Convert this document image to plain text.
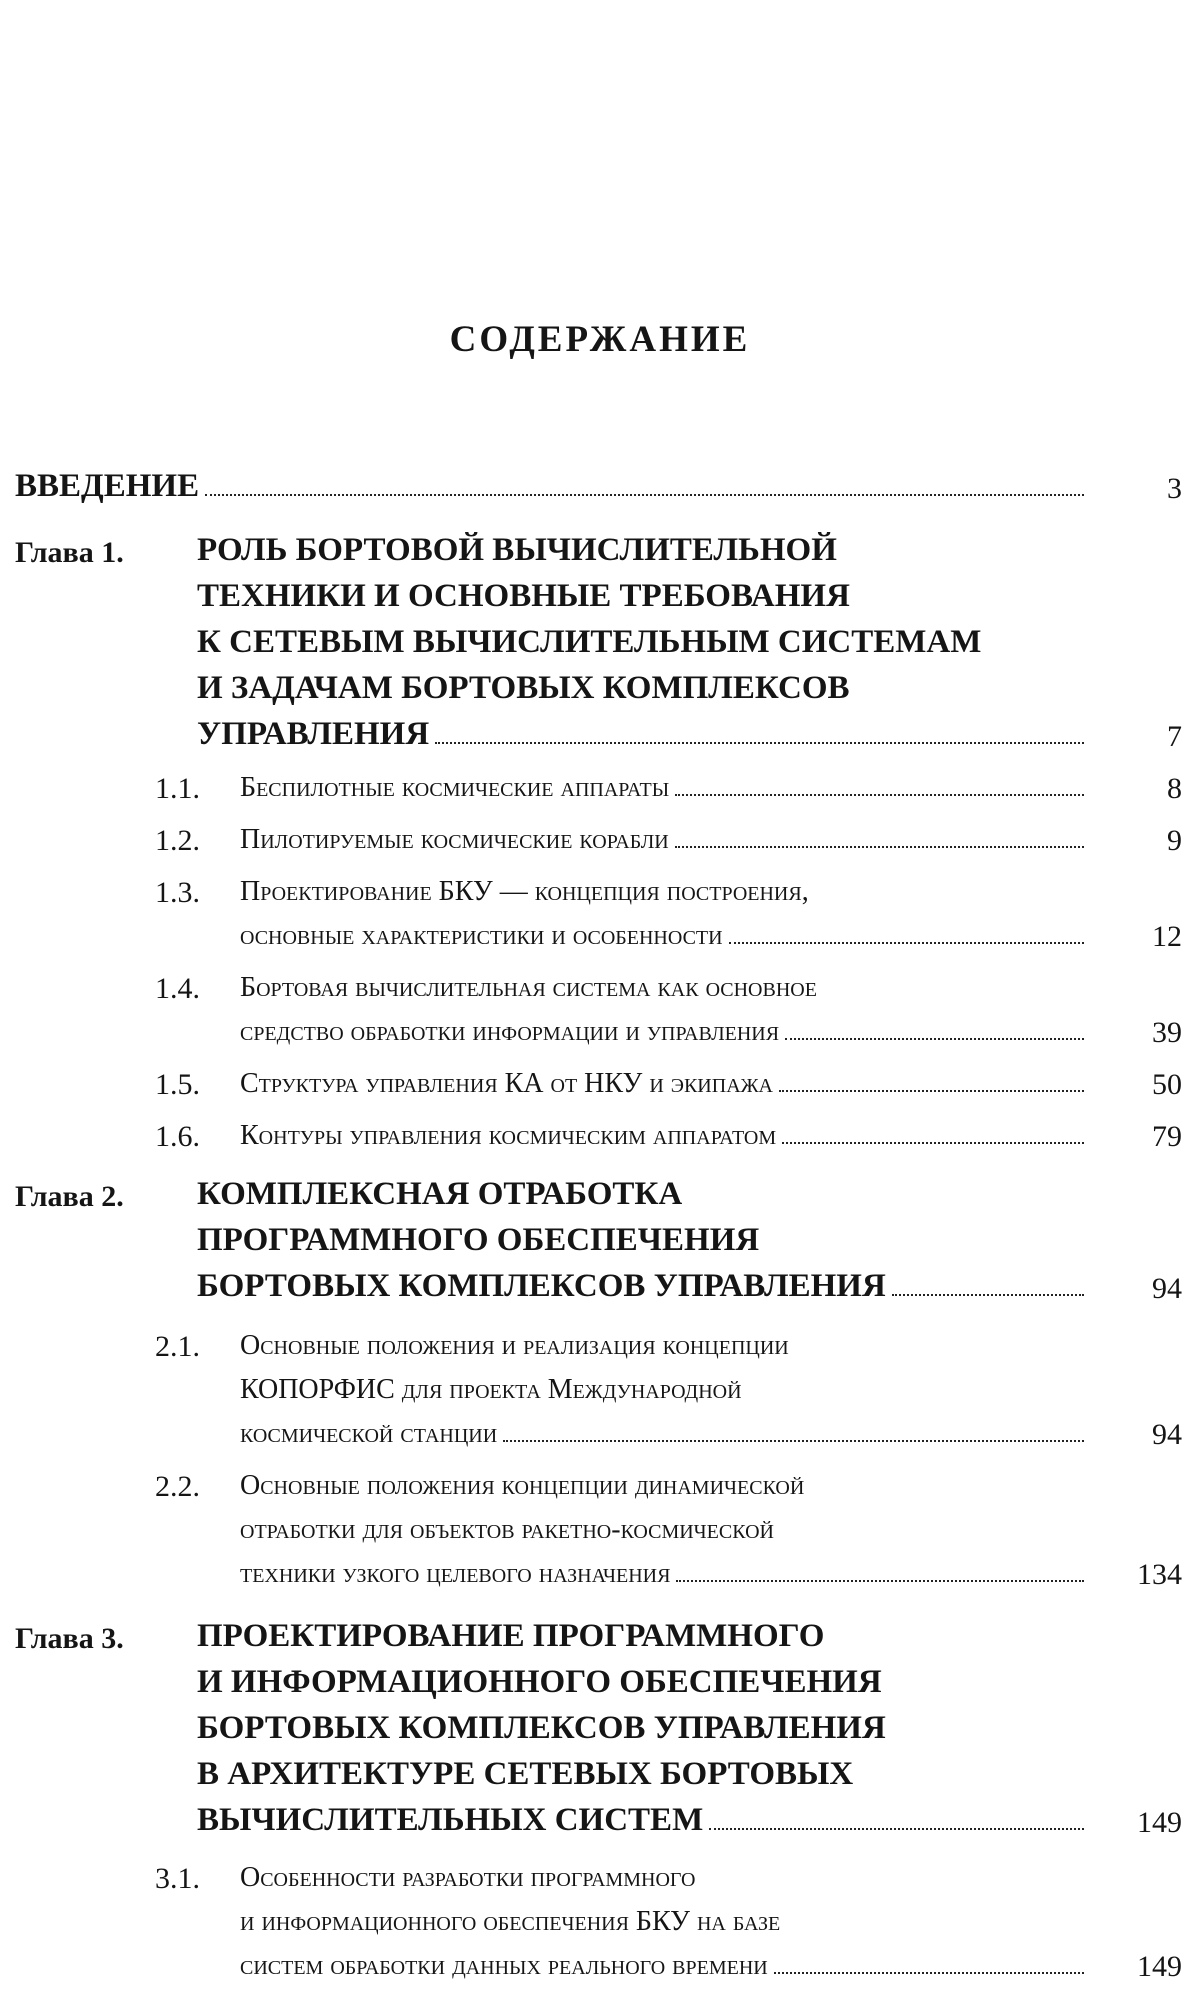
СОДЕРЖАНИЕ
ВВЕДЕНИЕ	3
Глава 1. РОЛЬ БОРТОВОЙ ВЫЧИСЛИТЕЛЬНОЙ
ТЕХНИКИ И ОСНОВНЫЕ ТРЕБОВАНИЯ
К СЕТЕВЫМ ВЫЧИСЛИТЕЛЬНЫМ СИСТЕМАМ
И ЗАДАЧАМ БОРТОВЫХ КОМПЛЕКСОВ
УПРАВЛЕНИЯ	7
1.1. Беспилотные космические аппараты	8
1.2. Пилотируемые космические корабли	9
1.3. Проектирование БКУ — концепция построения,
основные характеристики и особенности	12
1.4. Бортовая вычислительная система как основное
средство обработки информации и управления	39
1.5. Структура управления КА от НКУ и экипажа	50
1.6. Контуры управления космическим аппаратом	79
Глава 2. КОМПЛЕКСНАЯ ОТРАБОТКА
ПРОГРАММНОГО ОБЕСПЕЧЕНИЯ
БОРТОВЫХ КОМПЛЕКСОВ УПРАВЛЕНИЯ	94
2.1. Основные положения и реализация концепции
КОПОРФИС для проекта Международной
космической станции	94
2.2. Основные положения концепции динамической
отработки для объектов ракетно-космической
техники узкого целевого назначения	134
Глава 3. ПРОЕКТИРОВАНИЕ ПРОГРАММНОГО
И ИНФОРМАЦИОННОГО ОБЕСПЕЧЕНИЯ
БОРТОВЫХ КОМПЛЕКСОВ УПРАВЛЕНИЯ
В АРХИТЕКТУРЕ СЕТЕВЫХ БОРТОВЫХ
ВЫЧИСЛИТЕЛЬНЫХ СИСТЕМ	149
3.1. Особенности разработки программного
и информационного обеспечения БКУ на базе
систем обработки данных реального времени	149
